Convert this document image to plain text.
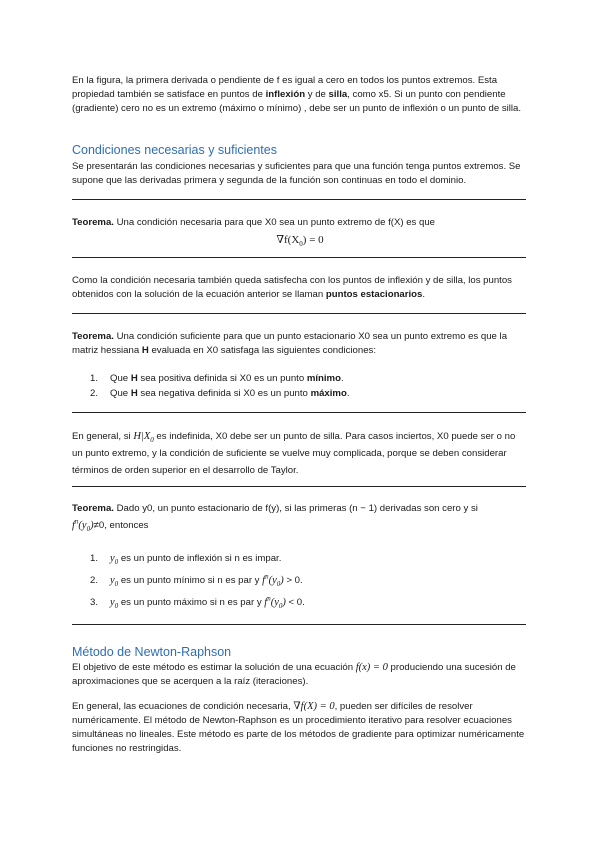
En la figura, la primera derivada o pendiente de f es igual a cero en todos los puntos extremos. Esta propiedad también se satisface en puntos de inflexión y de silla, como x5. Si un punto con pendiente (gradiente) cero no es un extremo (máximo o mínimo) , debe ser un punto de inflexión o un punto de silla.

Condiciones necesarias y suficientes

Se presentarán las condiciones necesarias y suficientes para que una función tenga puntos extremos. Se supone que las derivadas primera y segunda de la función son continuas en todo el dominio.

Teorema. Una condición necesaria para que X0 sea un punto extremo de f(X) es que

$\nabla f(X_0) = 0$

Como la condición necesaria también queda satisfecha con los puntos de inflexión y de silla, los puntos obtenidos con la solución de la ecuación anterior se llaman puntos estacionarios.

Teorema. Una condición suficiente para que un punto estacionario X0 sea un punto extremo es que la matriz hessiana H evaluada en X0 satisfaga las siguientes condiciones:

1. Que H sea positiva definida si X0 es un punto mínimo.
2. Que H sea negativa definida si X0 es un punto máximo.

En general, si $H|X_0$ es indefinida, X0 debe ser un punto de silla. Para casos inciertos, X0 puede ser o no un punto extremo, y la condición de suficiente se vuelve muy complicada, porque se deben considerar términos de orden superior en el desarrollo de Taylor.

Teorema. Dado y0, un punto estacionario de f(y), si las primeras (n − 1) derivadas son cero y si

$f^n(y_0)\ne 0$, entonces

1. $y_0$ es un punto de inflexión si n es impar.
2. $y_0$ es un punto mínimo si n es par y $f^n(y_0) > 0$.
3. $y_0$ es un punto máximo si n es par y $f^n(y_0) < 0$.
Método de Newton-Raphson

El objetivo de este método es estimar la solución de una ecuación f(x) = 0 produciendo una sucesión de aproximaciones que se acerquen a la raíz (iteraciones).

En general, las ecuaciones de condición necesaria, ∇f(X) = 0, pueden ser difíciles de resolver numéricamente. El método de Newton-Raphson es un procedimiento iterativo para resolver ecuaciones simultáneas no lineales. Este método es parte de los métodos de gradiente para optimizar numéricamente funciones no restringidas.
